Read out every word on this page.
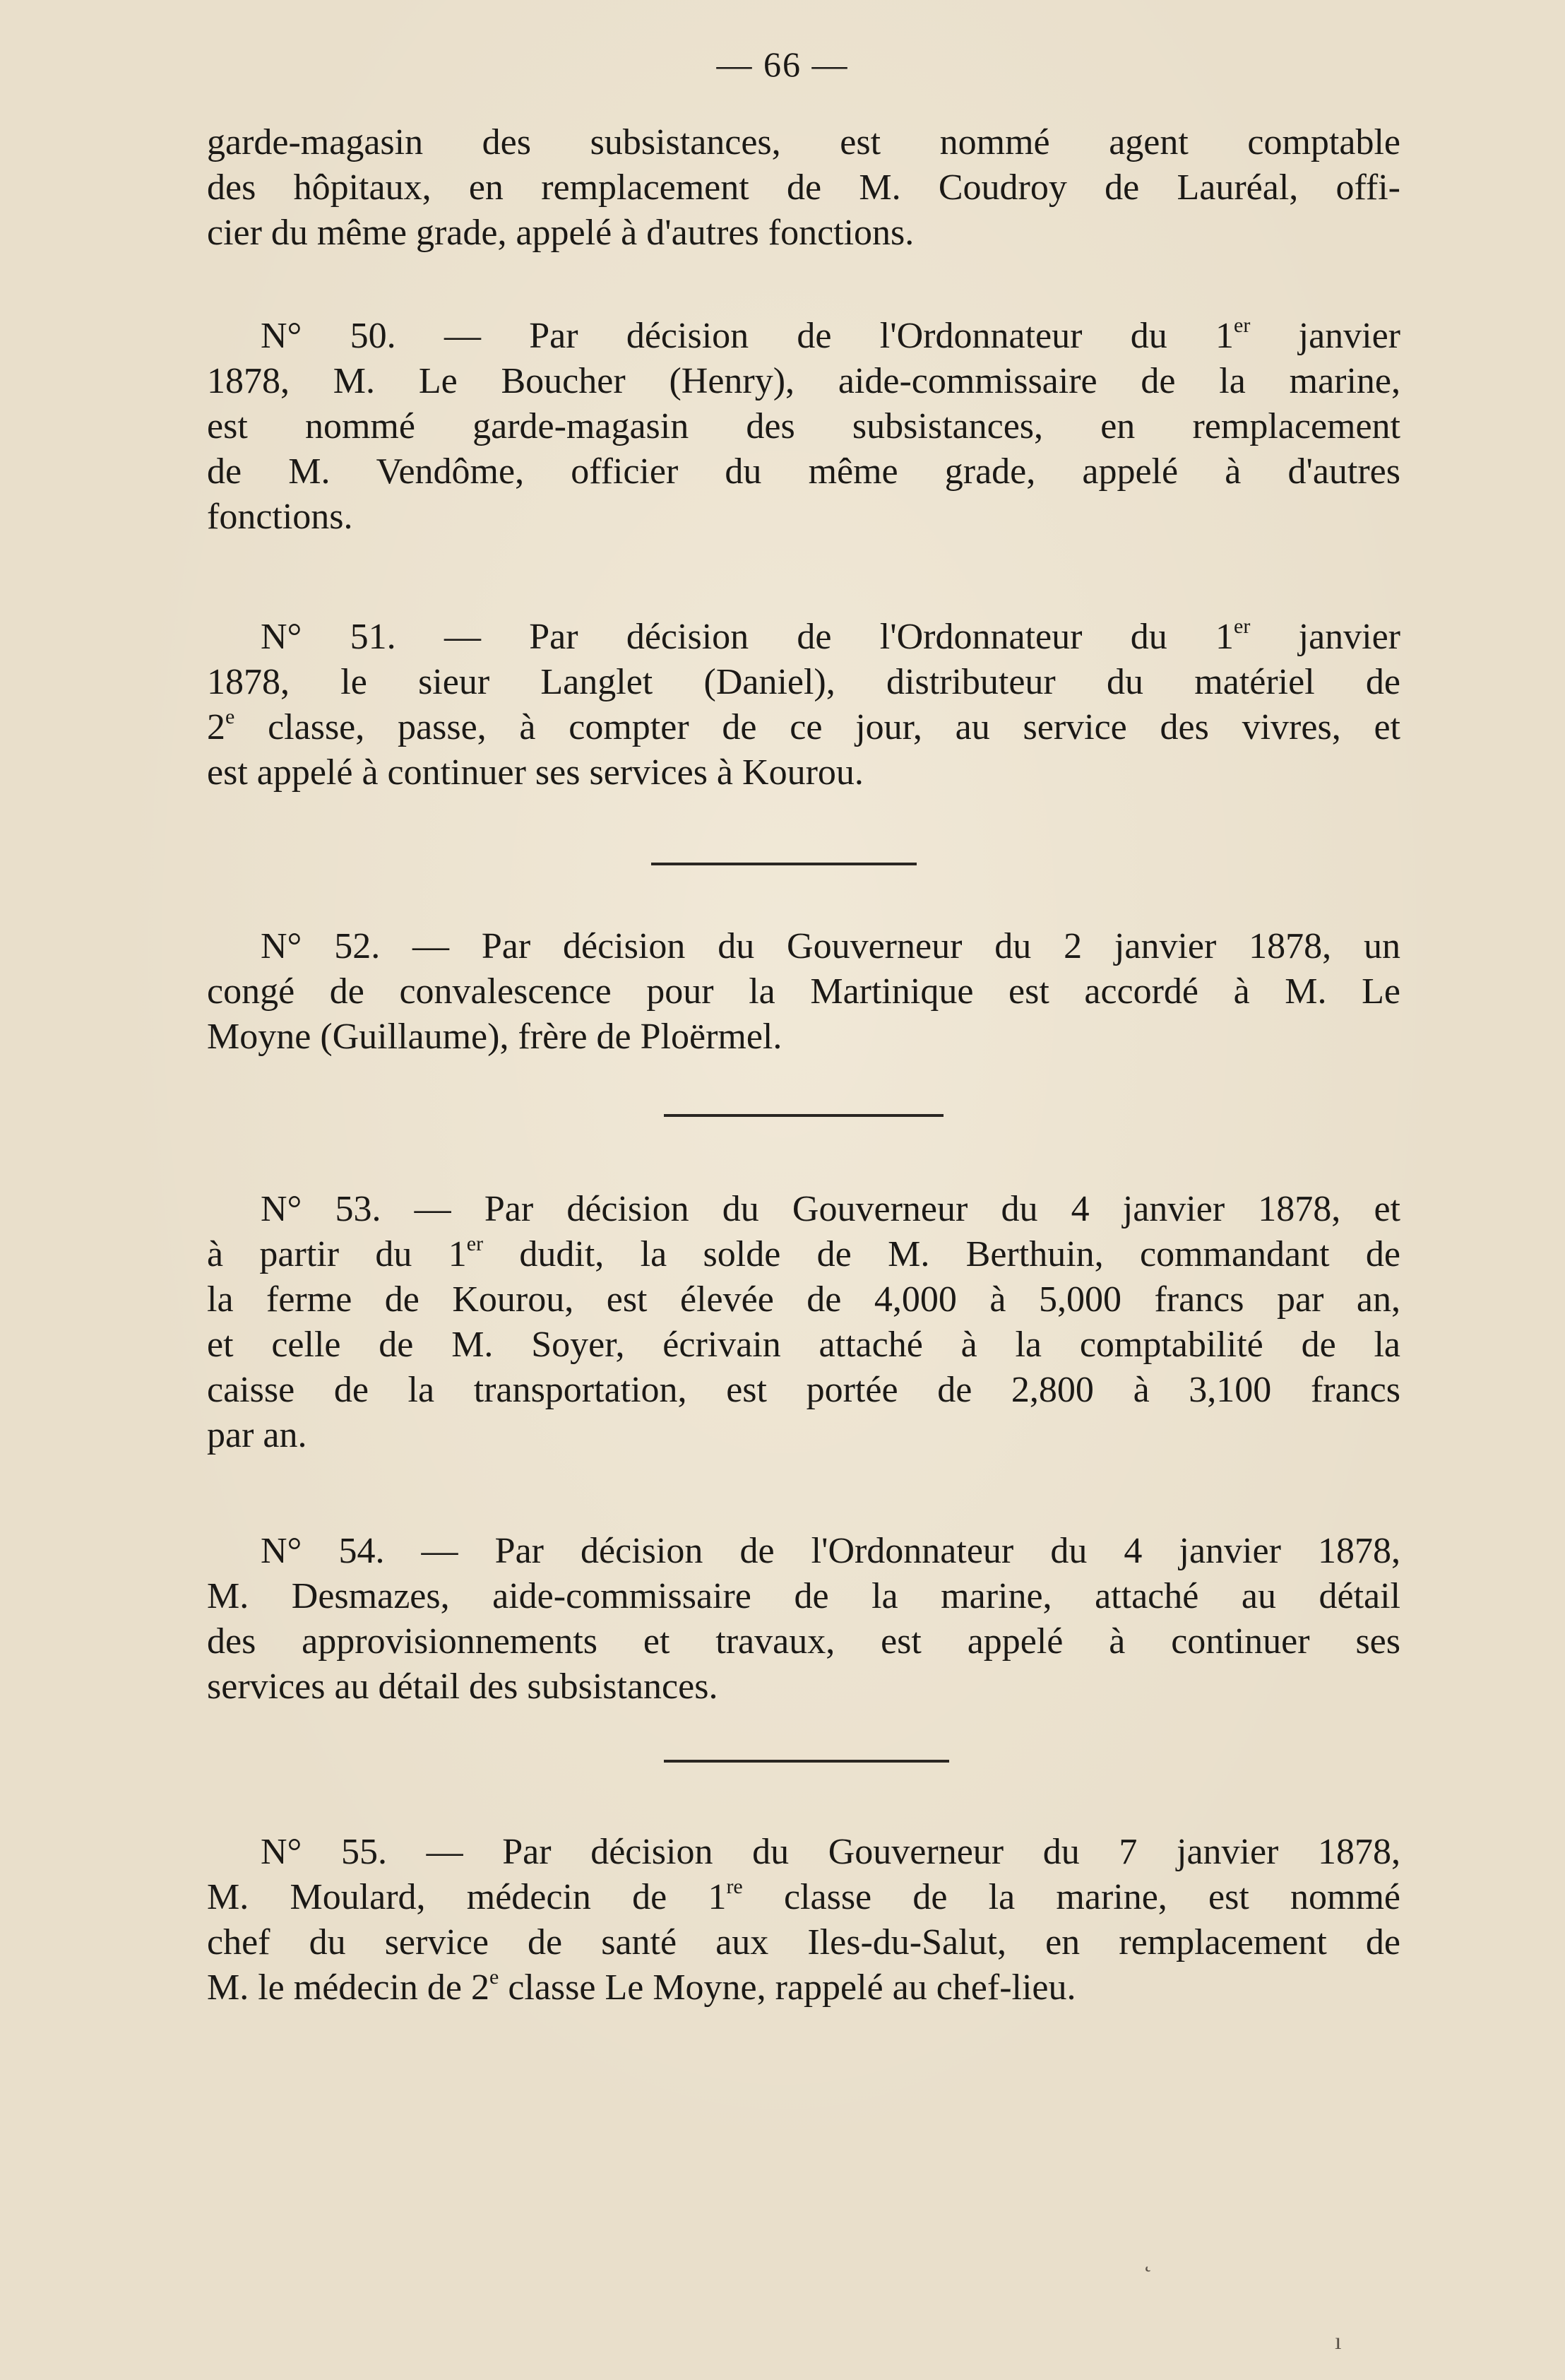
— 66 —

garde-magasin des subsistances, est nommé agent comptable
des hôpitaux, en remplacement de M. Coudroy de Lauréal, offi-
cier du même grade, appelé à d'autres fonctions.

N° 50. — Par décision de l'Ordonnateur du 1er janvier
1878, M. Le Boucher (Henry), aide-commissaire de la marine,
est nommé garde-magasin des subsistances, en remplacement
de M. Vendôme, officier du même grade, appelé à d'autres
fonctions.

N° 51. — Par décision de l'Ordonnateur du 1er janvier
1878, le sieur Langlet (Daniel), distributeur du matériel de
2e classe, passe, à compter de ce jour, au service des vivres, et
est appelé à continuer ses services à Kourou.

N° 52. — Par décision du Gouverneur du 2 janvier 1878, un
congé de convalescence pour la Martinique est accordé à M. Le
Moyne (Guillaume), frère de Ploërmel.

N° 53. — Par décision du Gouverneur du 4 janvier 1878, et
à partir du 1er dudit, la solde de M. Berthuin, commandant de
la ferme de Kourou, est élevée de 4,000 à 5,000 francs par an,
et celle de M. Soyer, écrivain attaché à la comptabilité de la
caisse de la transportation, est portée de 2,800 à 3,100 francs
par an.

N° 54. — Par décision de l'Ordonnateur du 4 janvier 1878,
M. Desmazes, aide-commissaire de la marine, attaché au détail
des approvisionnements et travaux, est appelé à continuer ses
services au détail des subsistances.

N° 55. — Par décision du Gouverneur du 7 janvier 1878,
M. Moulard, médecin de 1re classe de la marine, est nommé
chef du service de santé aux Iles-du-Salut, en remplacement de
M. le médecin de 2e classe Le Moyne, rappelé au chef-lieu.

˛
ı
